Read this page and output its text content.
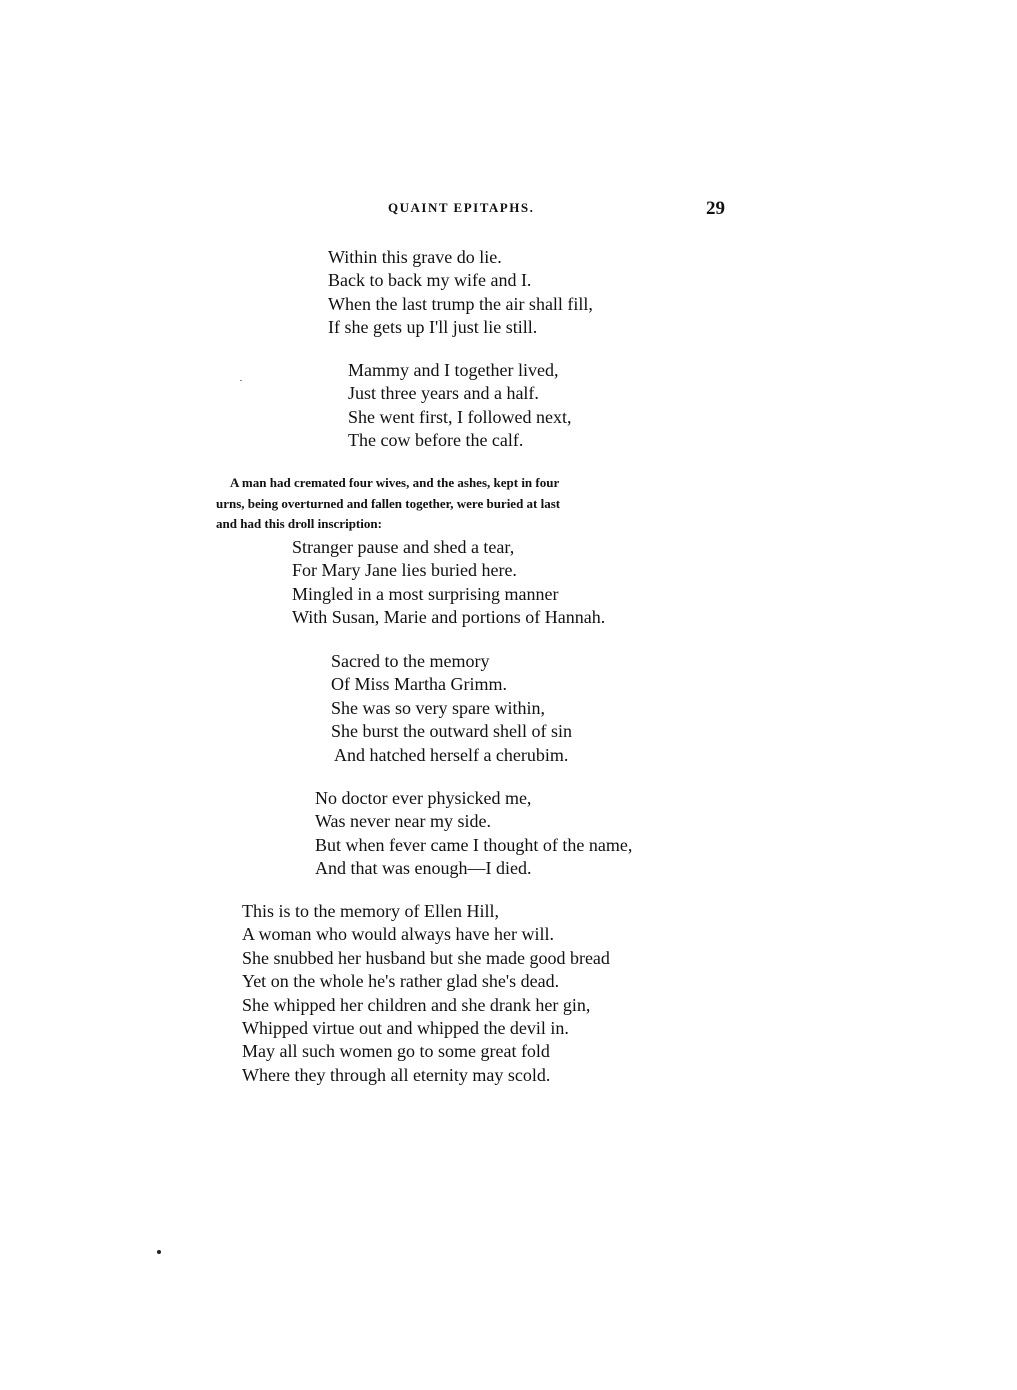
QUAINT EPITAPHS.	29
Within this grave do lie.
Back to back my wife and I.
When the last trump the air shall fill,
If she gets up I'll just lie still.
Mammy and I together lived,
Just three years and a half.
She went first, I followed next,
The cow before the calf.
A man had cremated four wives, and the ashes, kept in four
urns, being overturned and fallen together, were buried at last
and had this droll inscription:
Stranger pause and shed a tear,
For Mary Jane lies buried here.
Mingled in a most surprising manner
With Susan, Marie and portions of Hannah.
Sacred to the memory
Of Miss Martha Grimm.
She was so very spare within,
She burst the outward shell of sin
And hatched herself a cherubim.
No doctor ever physicked me,
Was never near my side.
But when fever came I thought of the name,
And that was enough—I died.
This is to the memory of Ellen Hill,
A woman who would always have her will.
She snubbed her husband but she made good bread
Yet on the whole he's rather glad she's dead.
She whipped her children and she drank her gin,
Whipped virtue out and whipped the devil in.
May all such women go to some great fold
Where they through all eternity may scold.
